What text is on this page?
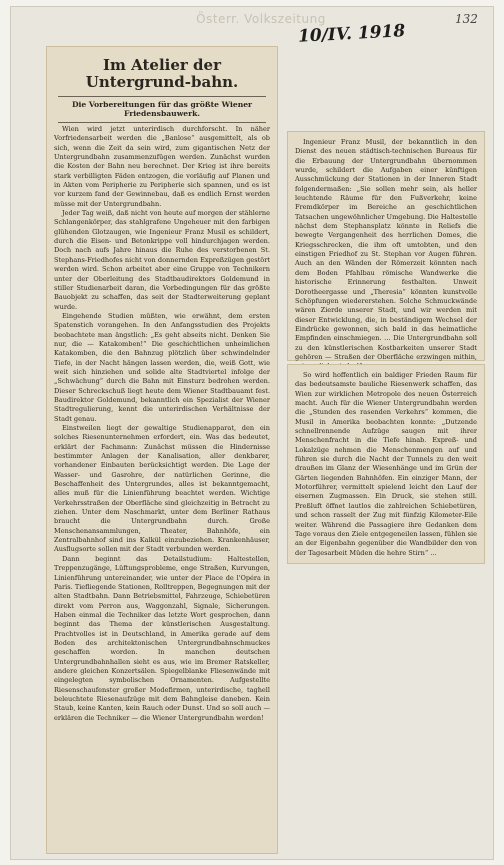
Österr. Volkszeitung
10/IV. 1918
132
Im Atelier der Untergrund-bahn.
Die Vorbereitungen für das größte Wiener Friedensbauwerk.

Wien wird jetzt unterirdisch durchforscht. In näher Vorfriedensarbeit werden die „Banlose“ ausgemittelt, als ob sich, wenn die Zeit da sein wird, zum gigantischen Netz der Untergrundbahn zusammenzufügen werden. Zunächst wurden die Kosten der Bahn neu berechnet. Der Krieg ist ihre bereits stark verbilligten Fäden entzogen, die vorläufig auf Planen und in Akten vom Peripherie zu Peripherie sich spannen, und es ist vor kurzem fand der Gewinnebau, daß es endlich Ernst werden müsse mit der Untergrundbahn.

Jeder Tag weiß, daß nicht von heute auf morgen der stählerne Schlangenkörper, das stahlgrafene Ungeheuer mit den farbigen glühenden Glotzaugen, wie Ingenieur Franz Musil es schildert, durch die Eisen- und Betonkrippe voll hindurchjagen werden. Doch nach aufs Jahre hinaus die Ruhe des verstorbenen St. Stephans-Friedhofes nicht von donnernden Expreßzügen gestört werden wird. Schon arbeitet aber eine Gruppe von Technikern unter der Oberleitung des Stadtbaudirektors Goldemund in stiller Studienarbeit daran, die Vorbedingungen für das größte Bauobjekt zu schaffen, das seit der Stadterweiterung geplant wurde.

Eingehende Studien müßten, wie erwähnt, dem ersten Spatenstich vorangehen. In den Anfangsstudien des Projekts beobachtete man ängstlich: „Es geht abseits nicht. Denken Sie nur, die — Katakomben!“ Die geschichtlichen unheimlichen Katakomben, die den Bahnzug plötzlich über schwindelnder Tiefe, in der Nacht hängen lassen werden, die, weiß Gott, wie weit sich hinziehen und solide alte Stadtviertel infolge der „Schwächung“ durch die Bahn mit Einsturz bedrohen werden. Dieser Schreckschuß liegt heute dem Wiener Stadtbauamt fest. Baudirektor Goldemund, bekanntlich ein Spezialist der Wiener Stadtregulierung, kennt die unterirdischen Verhältnisse der Stadt genau.

Einstweilen liegt der gewaltige Studienapparat, den ein solches Riesenunternehmen erfordert, ein. Was das bedeutet, erklärt der Fachmann: Zunächst müssen die Hindernisse bestimmter Anlagen der Kanalisation, aller denkbarer, vorhandener Einbauten berücksichtigt werden. Die Lage der Wasser- und Gasrohre, der natürlichen Gerinne, die Beschaffenheit des Untergrundes, alles ist bekanntgemacht, alles muß für die Linienführung beachtet werden. Wichtige Verkehrsstraßen der Oberfläche sind gleichzeitig in Betracht zu ziehen. Unter dem Naschmarkt, unter dem Berliner Rathaus braucht die Untergrundbahn durch. Große Menschenansammlungen, Theater, Bahnhöfe, ein Zentralbahnhof sind ins Kalkül einzubeziehen. Krankenhäuser, Ausflugsorte sollen mit der Stadt verbunden werden.

Dann beginnt das Detailstudium: Haltestellen, Treppenzugänge, Lüftungsprobleme, enge Straßen, Kurvungen, Linienführung untereinander, wie unter der Place de l'Opéra in Paris. Tiefliegende Stationen, Rolltreppen, Begegnungen mit der alten Stadtbahn. Dann Betriebsmittel, Fahrzeuge, Schiebetüren direkt vom Perron aus, Waggonzahl, Signale, Sicherungen. Haben einmal die Techniker das letzte Wort gesprochen, dann beginnt das Thema der künstlerischen Ausgestaltung. Prachtvolles ist in Deutschland, in Amerika gerade auf dem Boden des architektonischen Untergrundbahnschmuckes geschaffen worden. In manchen deutschen Untergrundbahnhallen sieht es aus, wie im Bremer Ratskeller, andere gleichen Konzertsälen. Spiegelblanke Fliesenwände mit eingelegten symbolischen Ornamenten. Aufgestellte Riesenschaufenster großer Modefirmen, unterirdische, taghell beleuchtete Riesenaufzüge mit dem Bahngleise daneben. Kein Staub, keine Kanten, kein Rauch oder Dunst. Und so soll auch — erklären die Techniker — die Wiener Untergrundbahn werden!

Ingenieur Franz Musil, der bekanntlich in den Dienst des neuen städtisch-technischen Bureaus für die Erbauung der Untergrundbahn übernommen wurde, schildert die Aufgaben einer künftigen Ausschmückung der Stationen in der Inneren Stadt folgendermaßen: „Sie sollen mehr sein, als heller leuchtende Räume für den Fußverkehr, keine Fremdkörper im Bereiche an geschichtlichen Tatsachen ungewöhnlicher Umgebung. Die Haltestelle nächst dem Stephansplatz könnte in Reliefs die bewegte Vergangenheit des herrlichen Domes, die Kriegsschrecken, die ihm oft umtobten, und den einstigen Friedhof zu St. Stephan vor Augen führen. Auch an den Wänden der Römerzeit könnten nach dem Boden Pfahlbau römische Wandwerke die historische Erinnerung festhalten. Unweit Dorotheergasse und „Theresia“ könnten kunstvolle Schöpfungen wiedererstehen. Solche Schmuckwände wären Zierde unserer Stadt, und wir werden mit dieser Entwicklung, die, in beständigem Wechsel der Eindrücke gewonnen, sich bald in das heimatliche Empfinden einschmiegen. … Die Untergrundbahn soll zu den künstlerischen Kostbarkeiten unserer Stadt gehören — Straßen der Oberfläche erzwingen mithin,

So wird hoffentlich ein baldiger Frieden Raum für das bedeutsamste bauliche Riesenwerk schaffen, das Wien zur wirklichen Metropole des neuen Österreich macht. Auch für die Wiener Untergrundbahn werden die „Stunden des rasenden Verkehrs“ kommen, die Musil in Amerika beobachten konnte: „Dutzende schnellrennende Aufzüge saugen mit ihrer Menschenfracht in die Tiefe hinab. Expreß- und Lokalzüge nehmen die Menschenmengen auf und führen sie durch die Nacht der Tunnels zu den weit draußen im Glanz der Wiesenhänge und im Grün der Gärten liegenden Bahnhöfen. Ein einziger Mann, der Motorführer, vermittelt spielend leicht den Lauf der eisernen Zugmassen. Ein Druck, sie stehen still. Preßluft öffnet lautlos die zahlreichen Schiebetüren, und schon rasselt der Zug mit fünfzig Kilometer-Eile weiter. Während die Passagiere ihre Gedanken dem Tage voraus den Ziele entgegeneilen lassen, fühlen sie an der Eigenbahn gegenüber die Wandbilder den von der Tagesarbeit Müden die hehre Stirn“ …
